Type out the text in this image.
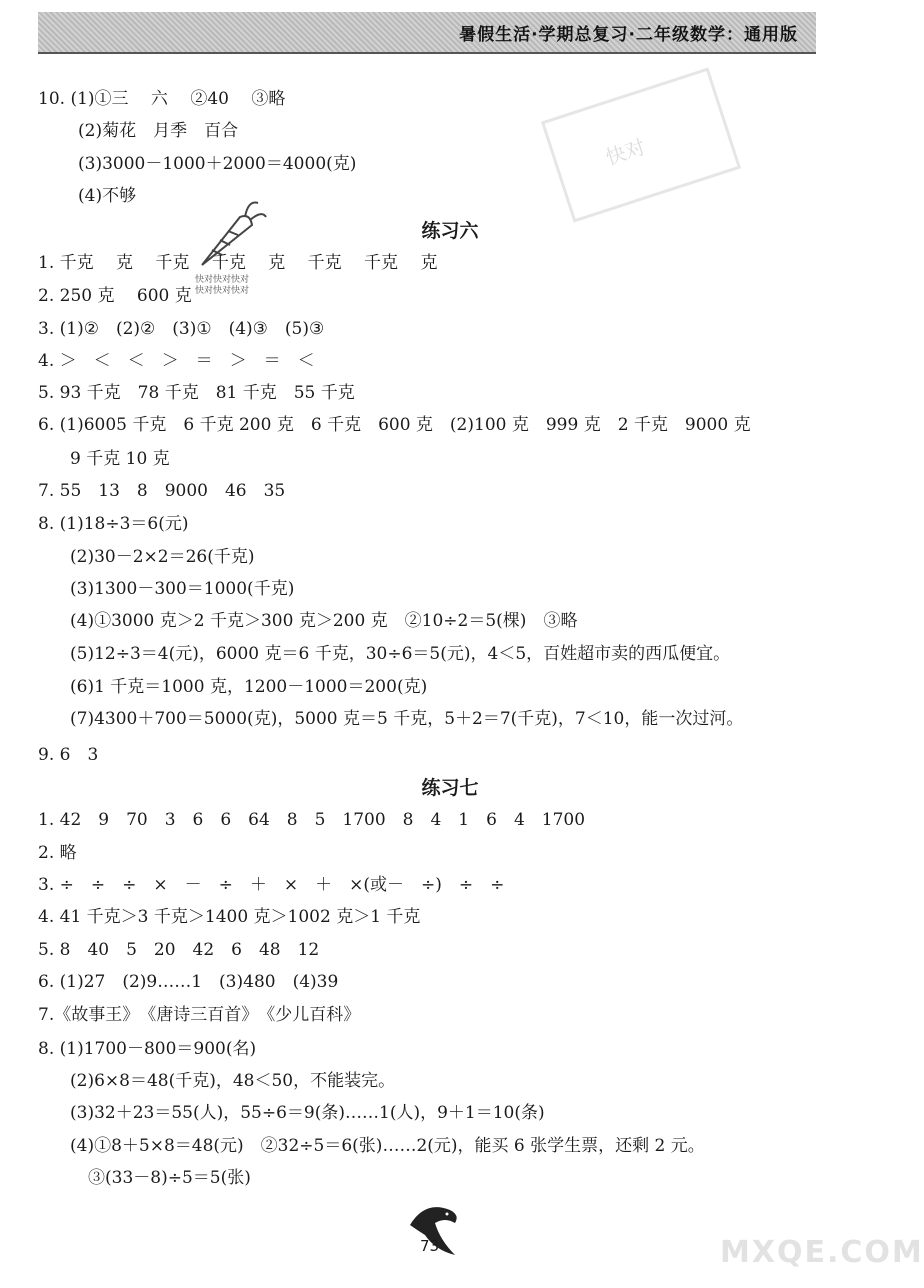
暑假生活·学期总复习·二年级数学：通用版
快对
快对快对快对
快对快对快对
10. (1)①三　 六　 ②40　 ③略
(2)菊花　月季　百合
(3)3000－1000＋2000＝4000(克)
(4)不够
练习六
1. 千克　 克　 千克　 千克　 克　 千克　 千克　 克
2. 250 克　 600 克
3. (1)②　(2)②　(3)①　(4)③　(5)③
4. ＞　＜　＜　＞　＝　＞　＝　＜
5. 93 千克　78 千克　81 千克　55 千克
6. (1)6005 千克　6 千克 200 克　6 千克　600 克　(2)100 克　999 克　2 千克　9000 克
9 千克 10 克
7. 55　13　8　9000　46　35
8. (1)18÷3＝6(元)
(2)30－2×2＝26(千克)
(3)1300－300＝1000(千克)
(4)①3000 克＞2 千克＞300 克＞200 克　②10÷2＝5(棵)　③略
(5)12÷3＝4(元)，6000 克＝6 千克，30÷6＝5(元)，4＜5，百姓超市卖的西瓜便宜。
(6)1 千克＝1000 克，1200－1000＝200(克)
(7)4300＋700＝5000(克)，5000 克＝5 千克，5＋2＝7(千克)，7＜10，能一次过河。
9. 6　3
练习七
1. 42　9　70　3　6　6　64　8　5　1700　8　4　1　6　4　1700
2. 略
3. ÷　÷　÷　×　－　÷　＋　×　＋　×(或－　÷)　÷　÷
4. 41 千克＞3 千克＞1400 克＞1002 克＞1 千克
5. 8　40　5　20　42　6　48　12
6. (1)27　(2)9……1　(3)480　(4)39
7.《故事王》　《唐诗三百首》　《少儿百科》
8. (1)1700－800＝900(名)
(2)6×8＝48(千克)，48＜50，不能装完。
(3)32＋23＝55(人)，55÷6＝9(条)……1(人)，9＋1＝10(条)
(4)①8＋5×8＝48(元)　②32÷5＝6(张)……2(元)，能买 6 张学生票，还剩 2 元。
③(33－8)÷5＝5(张)
73	MXQE.COM
